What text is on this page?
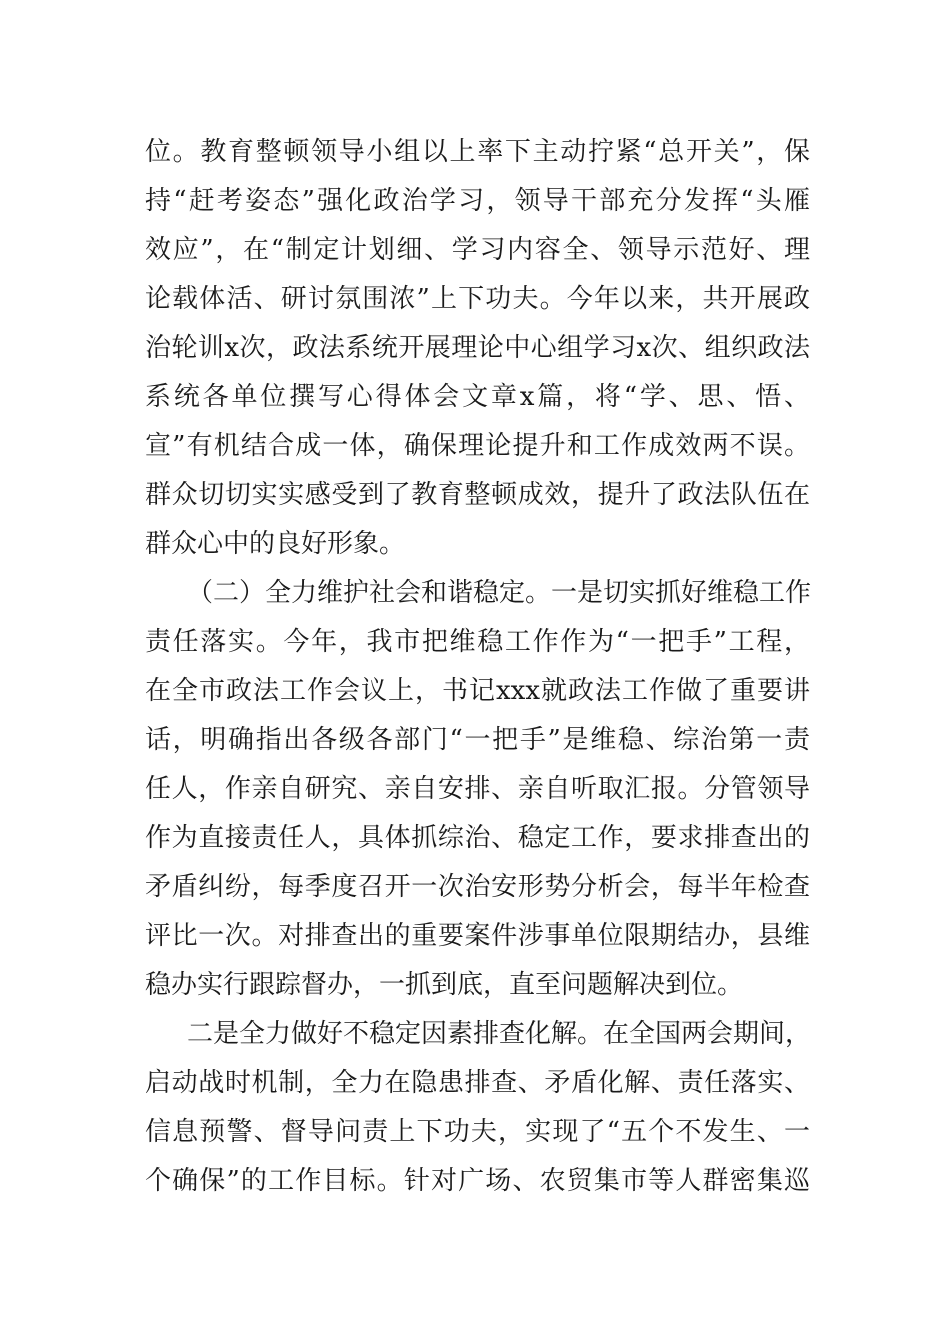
位。教育整顿领导小组以上率下主动拧紧“总开关”，保
持“赶考姿态”强化政治学习，领导干部充分发挥“头雁
效应”，在“制定计划细、学习内容全、领导示范好、理
论载体活、研讨氛围浓”上下功夫。今年以来，共开展政
治轮训x次，政法系统开展理论中心组学习x次、组织政法
系统各单位撰写心得体会文章x篇，将“学、思、悟、
宣”有机结合成一体，确保理论提升和工作成效两不误。
群众切切实实感受到了教育整顿成效，提升了政法队伍在
群众心中的良好形象。
（二）全力维护社会和谐稳定。一是切实抓好维稳工作
责任落实。今年，我市把维稳工作作为“一把手”工程，
在全市政法工作会议上，书记xxx就政法工作做了重要讲
话，明确指出各级各部门“一把手”是维稳、综治第一责
任人，作亲自研究、亲自安排、亲自听取汇报。分管领导
作为直接责任人，具体抓综治、稳定工作，要求排查出的
矛盾纠纷，每季度召开一次治安形势分析会，每半年检查
评比一次。对排查出的重要案件涉事单位限期结办，县维
稳办实行跟踪督办，一抓到底，直至问题解决到位。
二是全力做好不稳定因素排查化解。在全国两会期间，
启动战时机制，全力在隐患排查、矛盾化解、责任落实、
信息预警、督导问责上下功夫，实现了“五个不发生、一
个确保”的工作目标。针对广场、农贸集市等人群密集巡
